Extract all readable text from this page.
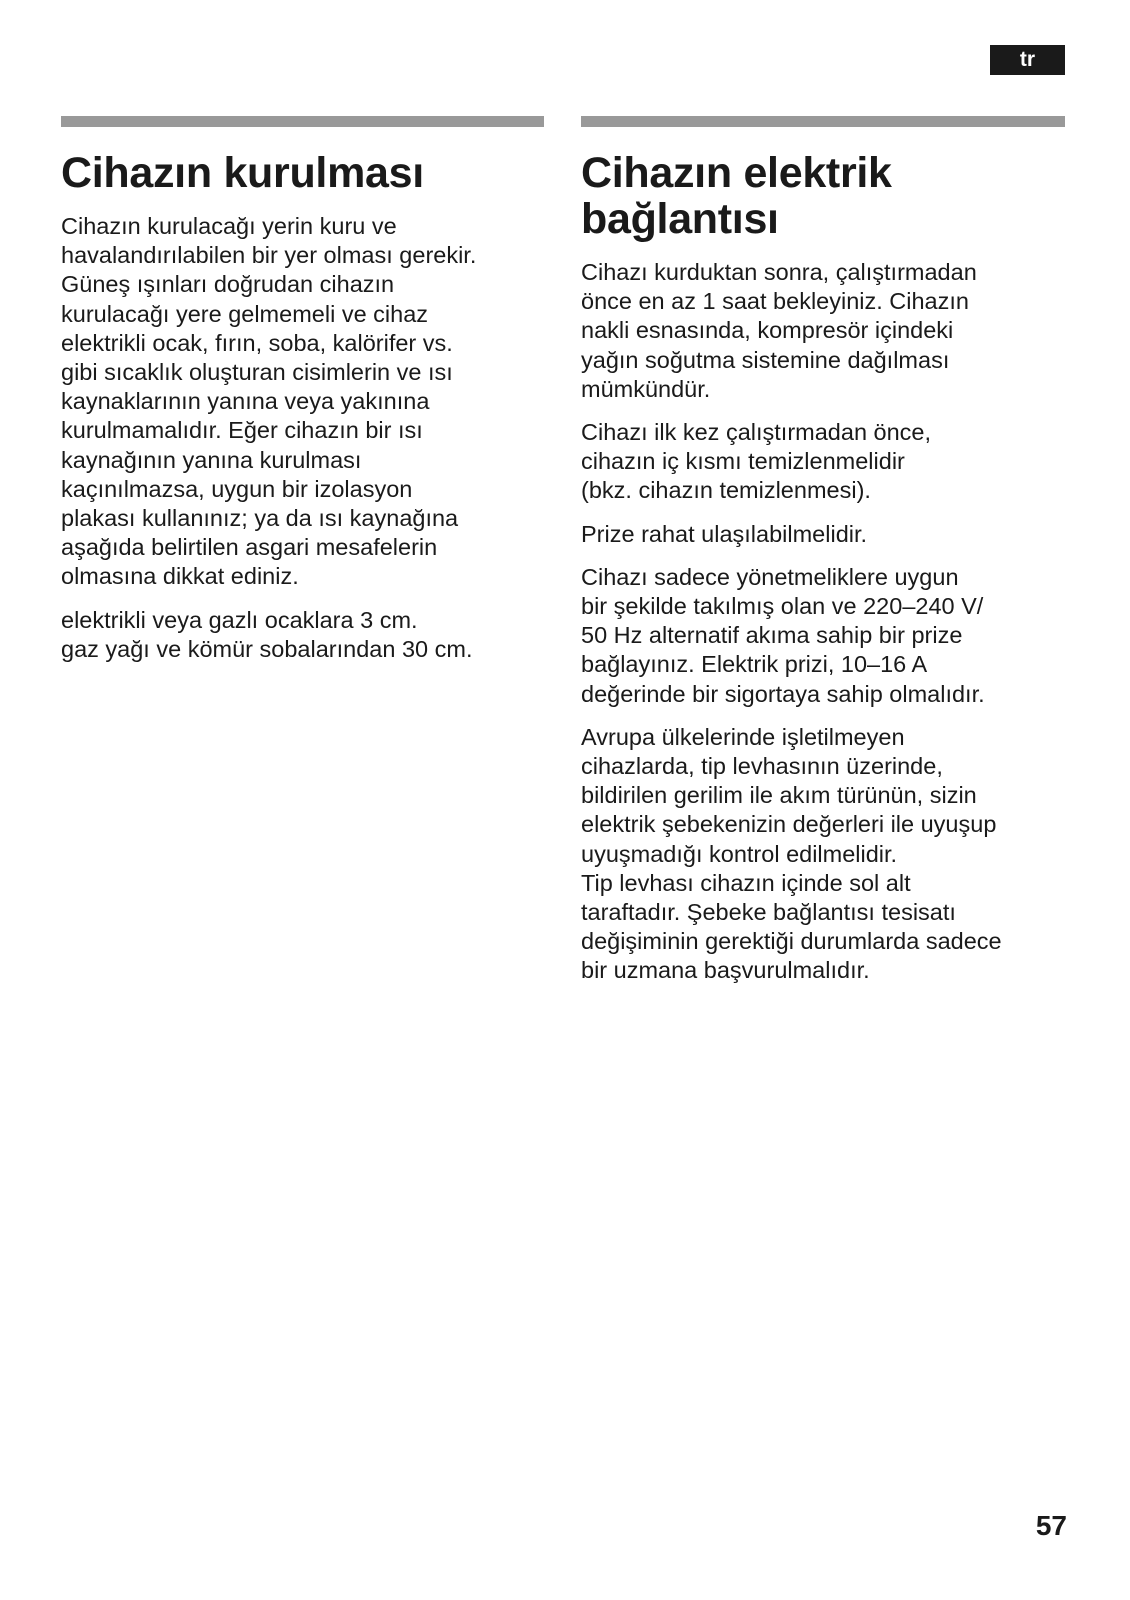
tr
Cihazın kurulması

Cihazın kurulacağı yerin kuru ve
havalandırılabilen bir yer olması gerekir.
Güneş ışınları doğrudan cihazın
kurulacağı yere gelmemeli ve cihaz
elektrikli ocak, fırın, soba, kalörifer vs.
gibi sıcaklık oluşturan cisimlerin ve ısı
kaynaklarının yanına veya yakınına
kurulmamalıdır. Eğer cihazın bir ısı
kaynağının yanına kurulması
kaçınılmazsa, uygun bir izolasyon
plakası kullanınız; ya da ısı kaynağına
aşağıda belirtilen asgari mesafelerin
olmasına dikkat ediniz.

elektrikli veya gazlı ocaklara 3 cm.
gaz yağı ve kömür sobalarından 30 cm.

Cihazın elektrik
bağlantısı

Cihazı kurduktan sonra, çalıştırmadan
önce en az 1 saat bekleyiniz. Cihazın
nakli esnasında, kompresör içindeki
yağın soğutma sistemine dağılması
mümkündür.

Cihazı ilk kez çalıştırmadan önce,
cihazın iç kısmı temizlenmelidir
(bkz. cihazın temizlenmesi).

Prize rahat ulaşılabilmelidir.

Cihazı sadece yönetmeliklere uygun
bir şekilde takılmış olan ve 220‒240 V/
50 Hz alternatif akıma sahip bir prize
bağlayınız. Elektrik prizi, 10‒16 A
değerinde bir sigortaya sahip olmalıdır.

Avrupa ülkelerinde işletilmeyen
cihazlarda, tip levhasının üzerinde,
bildirilen gerilim ile akım türünün, sizin
elektrik şebekenizin değerleri ile uyuşup
uyuşmadığı kontrol edilmelidir.
Tip levhası cihazın içinde sol alt
taraftadır. Şebeke bağlantısı tesisatı
değişiminin gerektiği durumlarda sadece
bir uzmana başvurulmalıdır.

57
